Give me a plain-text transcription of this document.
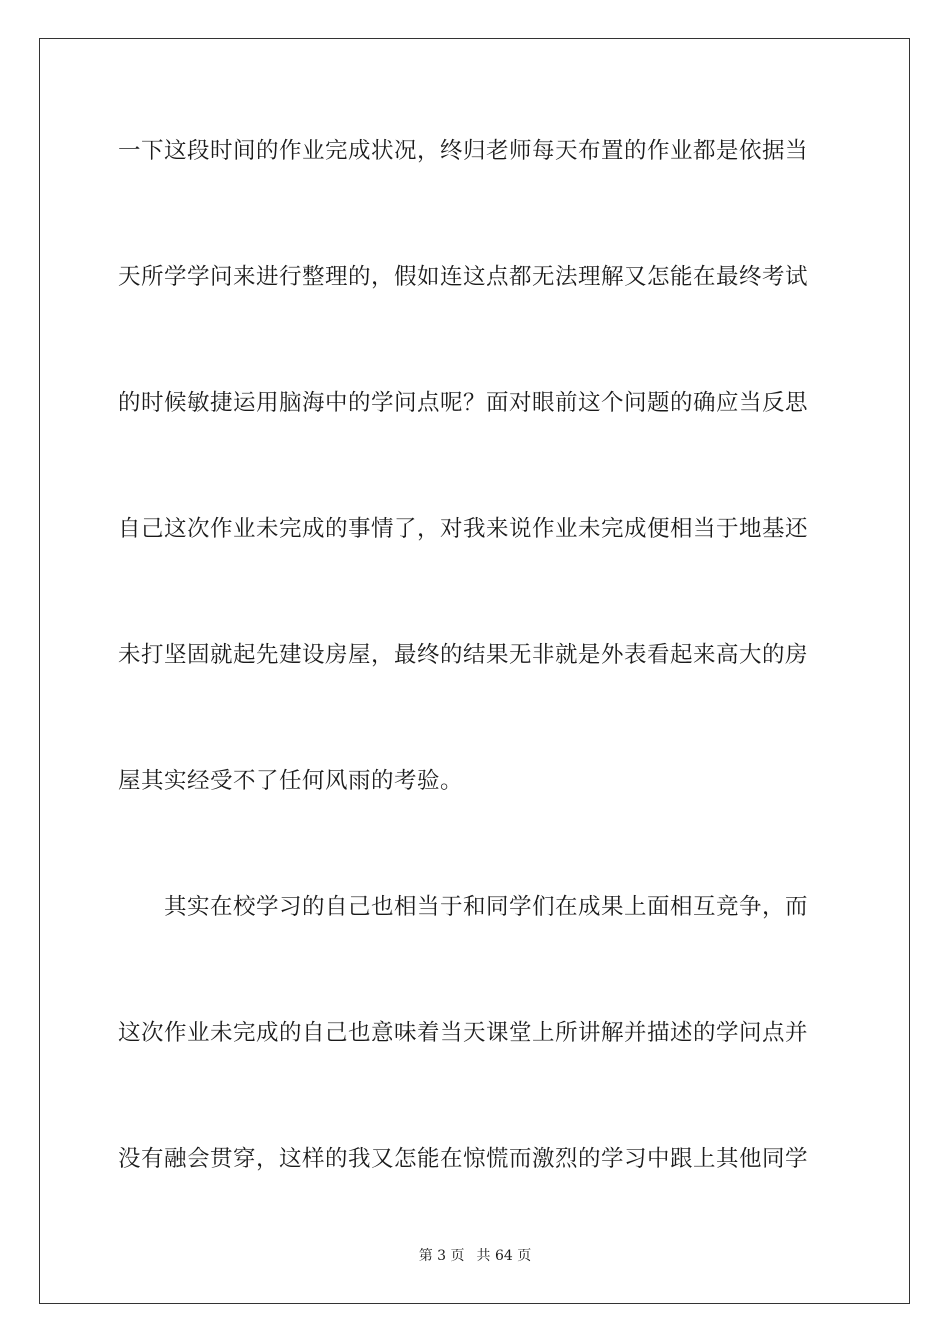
一下这段时间的作业完成状况，终归老师每天布置的作业都是依据当
天所学学问来进行整理的，假如连这点都无法理解又怎能在最终考试
的时候敏捷运用脑海中的学问点呢？面对眼前这个问题的确应当反思
自己这次作业未完成的事情了，对我来说作业未完成便相当于地基还
未打坚固就起先建设房屋，最终的结果无非就是外表看起来高大的房
屋其实经受不了任何风雨的考验。
　　其实在校学习的自己也相当于和同学们在成果上面相互竞争，而
这次作业未完成的自己也意味着当天课堂上所讲解并描述的学问点并
没有融会贯穿，这样的我又怎能在惊慌而激烈的学习中跟上其他同学
第 3 页 共 64 页
